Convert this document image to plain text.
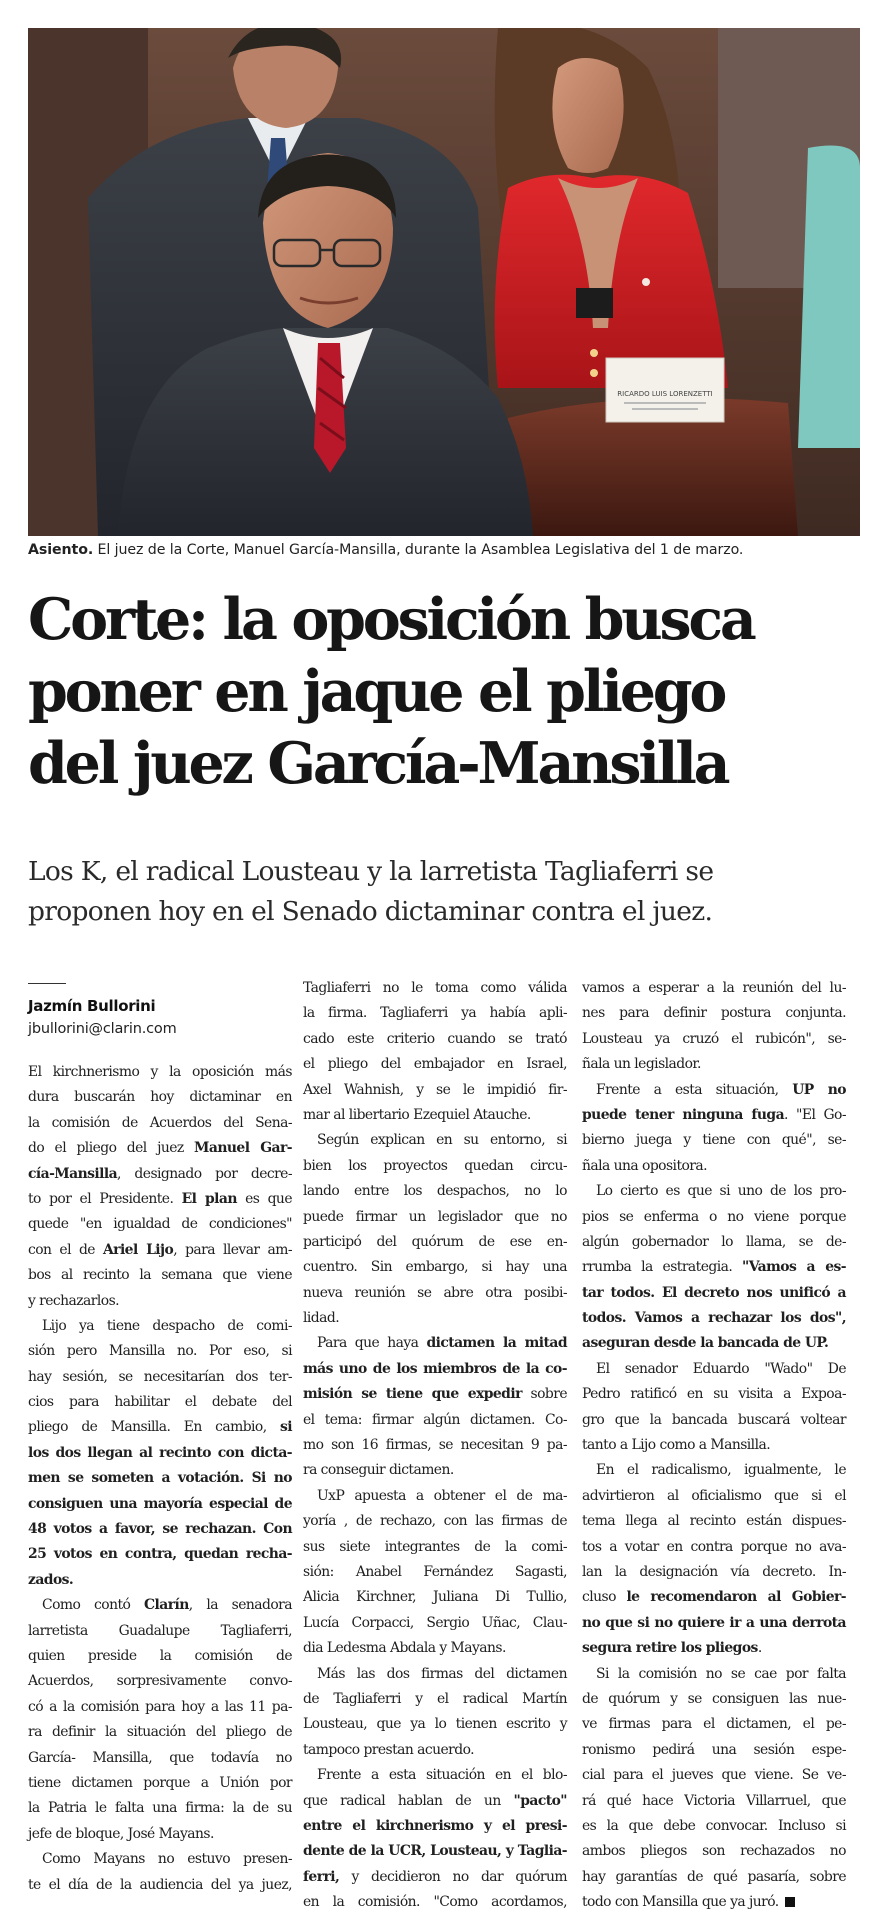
RICARDO LUIS LORENZETTI
Asiento. El juez de la Corte, Manuel García-Mansilla, durante la Asamblea Legislativa del 1 de marzo.
Corte: la oposición busca
poner en jaque el pliego
del juez García-Mansilla
Los K, el radical Lousteau y la larretista Tagliaferri se
proponen hoy en el Senado dictaminar contra el juez.
Jazmín Bullorini
jbullorini@clarin.com
El kirchnerismo y la oposición más
dura buscarán hoy dictaminar en
la comisión de Acuerdos del Sena-
do el pliego del juez Manuel Gar-
cía-Mansilla, designado por decre-
to por el Presidente. El plan es que
quede "en igualdad de condiciones"
con el de Ariel Lijo, para llevar am-
bos al recinto la semana que viene
y rechazarlos.
Lijo ya tiene despacho de comi-
sión pero Mansilla no. Por eso, si
hay sesión, se necesitarían dos ter-
cios para habilitar el debate del
pliego de Mansilla. En cambio, si
los dos llegan al recinto con dicta-
men se someten a votación. Si no
consiguen una mayoría especial de
48 votos a favor, se rechazan. Con
25 votos en contra, quedan recha-
zados.
Como contó Clarín, la senadora
larretista Guadalupe Tagliaferri,
quien preside la comisión de
Acuerdos, sorpresivamente convo-
có a la comisión para hoy a las 11 pa-
ra definir la situación del pliego de
García- Mansilla, que todavía no
tiene dictamen porque a Unión por
la Patria le falta una firma: la de su
jefe de bloque, José Mayans.
Como Mayans no estuvo presen-
te el día de la audiencia del ya juez,
Tagliaferri no le toma como válida
la firma. Tagliaferri ya había apli-
cado este criterio cuando se trató
el pliego del embajador en Israel,
Axel Wahnish, y se le impidió fir-
mar al libertario Ezequiel Atauche.
Según explican en su entorno, si
bien los proyectos quedan circu-
lando entre los despachos, no lo
puede firmar un legislador que no
participó del quórum de ese en-
cuentro. Sin embargo, si hay una
nueva reunión se abre otra posibi-
lidad.
Para que haya dictamen la mitad
más uno de los miembros de la co-
misión se tiene que expedir sobre
el tema: firmar algún dictamen. Co-
mo son 16 firmas, se necesitan 9 pa-
ra conseguir dictamen.
UxP apuesta a obtener el de ma-
yoría , de rechazo, con las firmas de
sus siete integrantes de la comi-
sión: Anabel Fernández Sagasti,
Alicia Kirchner, Juliana Di Tullio,
Lucía Corpacci, Sergio Uñac, Clau-
dia Ledesma Abdala y Mayans.
Más las dos firmas del dictamen
de Tagliaferri y el radical Martín
Lousteau, que ya lo tienen escrito y
tampoco prestan acuerdo.
Frente a esta situación en el blo-
que radical hablan de un "pacto"
entre el kirchnerismo y el presi-
dente de la UCR, Lousteau, y Taglia-
ferri, y decidieron no dar quórum
en la comisión. "Como acordamos,
vamos a esperar a la reunión del lu-
nes para definir postura conjunta.
Lousteau ya cruzó el rubicón", se-
ñala un legislador.
Frente a esta situación, UP no
puede tener ninguna fuga. "El Go-
bierno juega y tiene con qué", se-
ñala una opositora.
Lo cierto es que si uno de los pro-
pios se enferma o no viene porque
algún gobernador lo llama, se de-
rrumba la estrategia. "Vamos a es-
tar todos. El decreto nos unificó a
todos. Vamos a rechazar los dos",
aseguran desde la bancada de UP.
El senador Eduardo "Wado" De
Pedro ratificó en su visita a Expoa-
gro que la bancada buscará voltear
tanto a Lijo como a Mansilla.
En el radicalismo, igualmente, le
advirtieron al oficialismo que si el
tema llega al recinto están dispues-
tos a votar en contra porque no ava-
lan la designación vía decreto. In-
cluso le recomendaron al Gobier-
no que si no quiere ir a una derrota
segura retire los pliegos.
Si la comisión no se cae por falta
de quórum y se consiguen las nue-
ve firmas para el dictamen, el pe-
ronismo pedirá una sesión espe-
cial para el jueves que viene. Se ve-
rá qué hace Victoria Villarruel, que
es la que debe convocar. Incluso si
ambos pliegos son rechazados no
hay garantías de qué pasaría, sobre
todo con Mansilla que ya juró.
